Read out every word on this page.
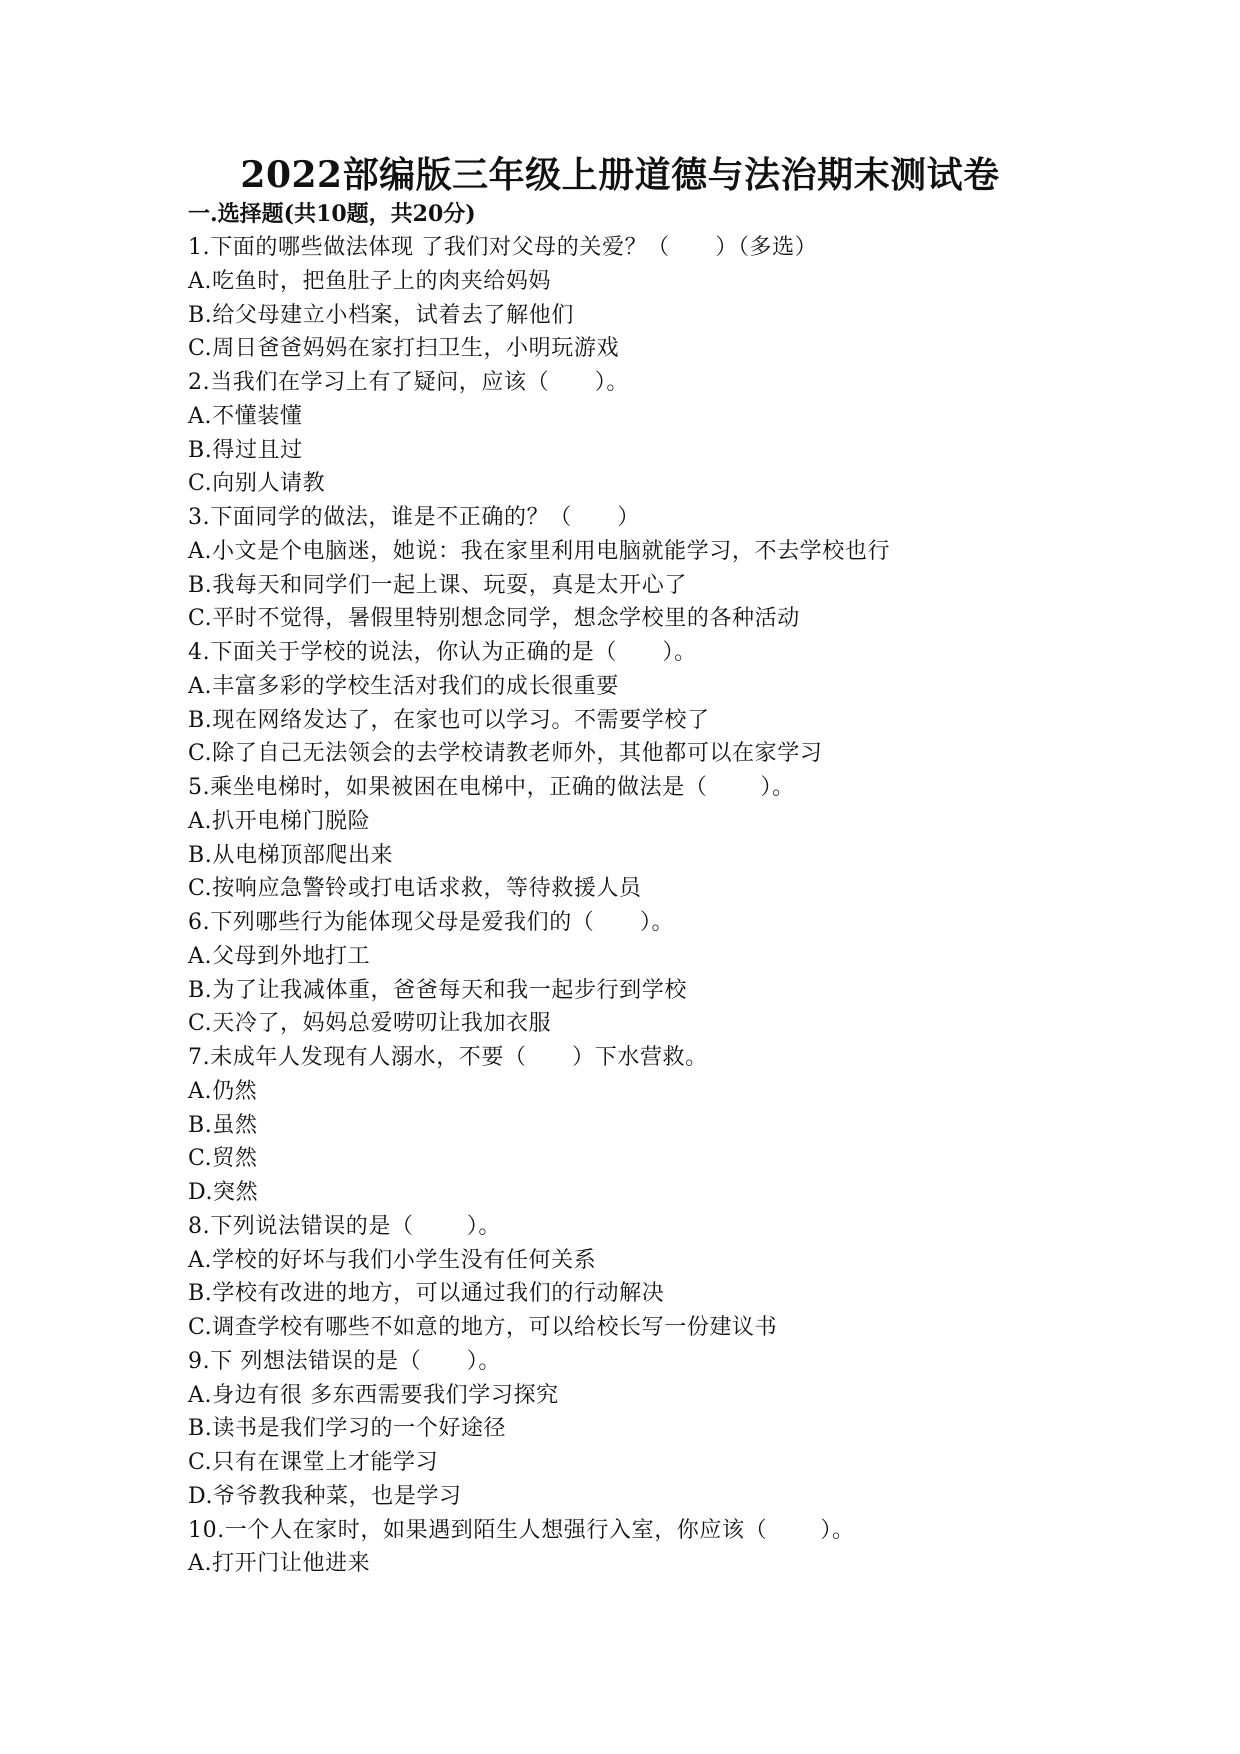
2022部编版三年级上册道德与法治期末测试卷
一.选择题(共10题，共20分)
1.下面的哪些做法体现 了我们对父母的关爱？（      ）（多选）
A.吃鱼时，把鱼肚子上的肉夹给妈妈
B.给父母建立小档案，试着去了解他们
C.周日爸爸妈妈在家打扫卫生，小明玩游戏
2.当我们在学习上有了疑问，应该（      ）。
A.不懂装懂
B.得过且过
C.向别人请教
3.下面同学的做法，谁是不正确的？（      ）
A.小文是个电脑迷，她说：我在家里利用电脑就能学习，不去学校也行
B.我每天和同学们一起上课、玩耍，真是太开心了
C.平时不觉得，暑假里特别想念同学，想念学校里的各种活动
4.下面关于学校的说法，你认为正确的是（      ）。
A.丰富多彩的学校生活对我们的成长很重要
B.现在网络发达了，在家也可以学习。不需要学校了
C.除了自己无法领会的去学校请教老师外，其他都可以在家学习
5.乘坐电梯时，如果被困在电梯中，正确的做法是（       ）。
A.扒开电梯门脱险
B.从电梯顶部爬出来
C.按响应急警铃或打电话求救，等待救援人员
6.下列哪些行为能体现父母是爱我们的（      ）。
A.父母到外地打工
B.为了让我减体重，爸爸每天和我一起步行到学校
C.天冷了，妈妈总爱唠叨让我加衣服
7.未成年人发现有人溺水，不要（      ）下水营救。
A.仍然
B.虽然
C.贸然
D.突然
8.下列说法错误的是（       ）。
A.学校的好坏与我们小学生没有任何关系
B.学校有改进的地方，可以通过我们的行动解决
C.调查学校有哪些不如意的地方，可以给校长写一份建议书
9.下 列想法错误的是（      ）。
A.身边有很 多东西需要我们学习探究
B.读书是我们学习的一个好途径
C.只有在课堂上才能学习
D.爷爷教我种菜，也是学习
10.一个人在家时，如果遇到陌生人想强行入室，你应该（       ）。
A.打开门让他进来
